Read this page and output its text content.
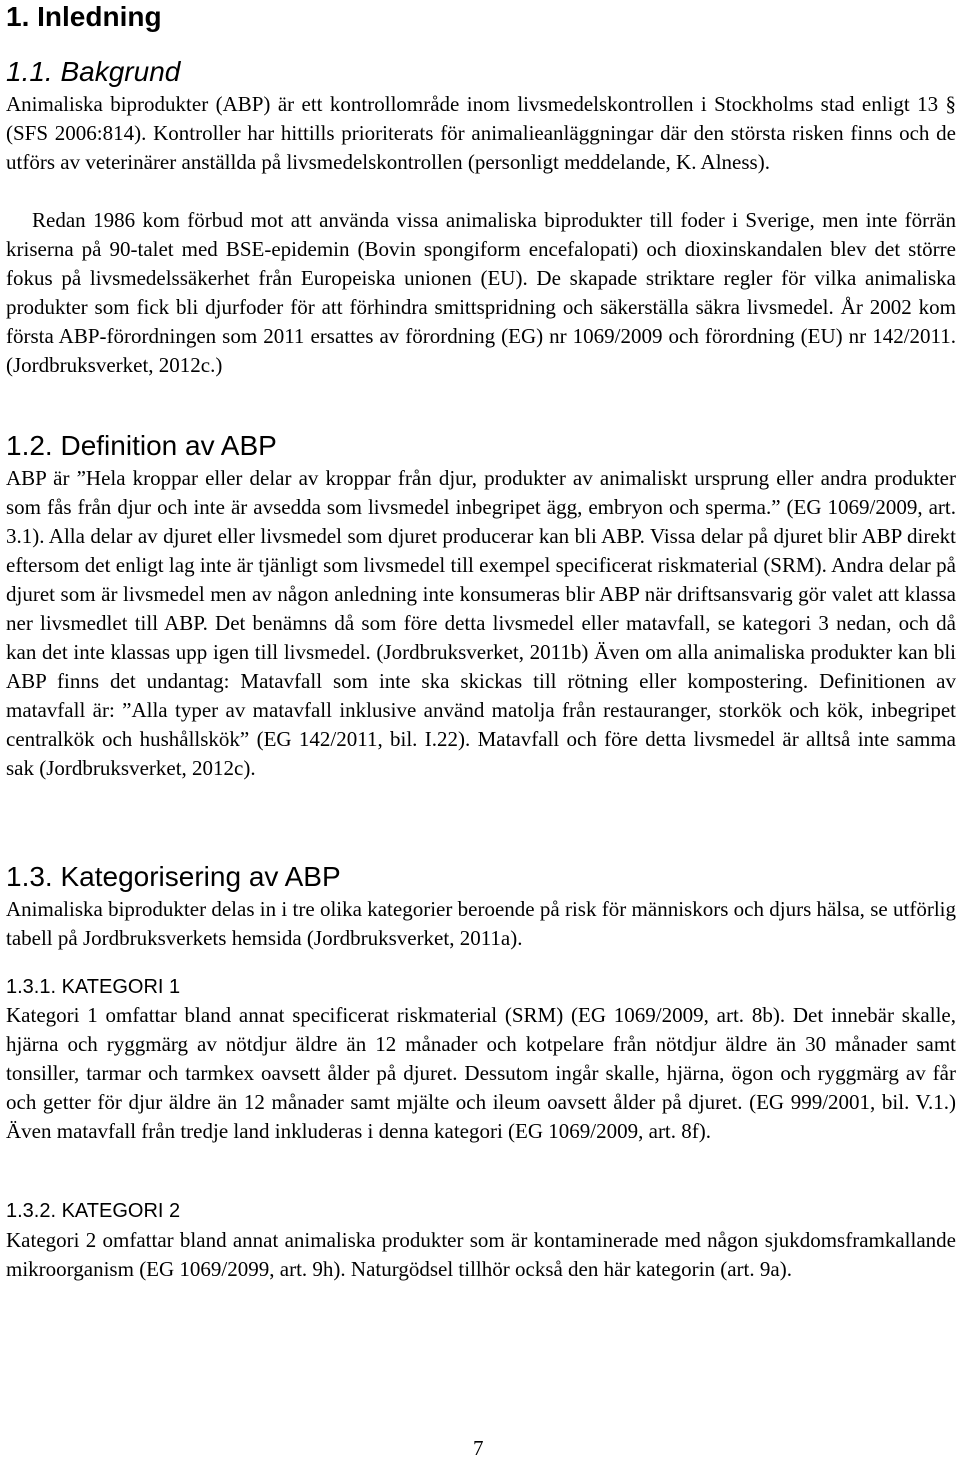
1. Inledning
1.1. Bakgrund

Animaliska biprodukter (ABP) är ett kontrollområde inom livsmedelskontrollen i Stockholms stad enligt 13 § (SFS 2006:814). Kontroller har hittills prioriterats för animalieanläggningar där den största risken finns och de utförs av veterinärer anställda på livsmedelskontrollen (personligt meddelande, K. Alness).

Redan 1986 kom förbud mot att använda vissa animaliska biprodukter till foder i Sverige, men inte förrän kriserna på 90-talet med BSE-epidemin (Bovin spongiform encefalopati) och dioxinskandalen blev det större fokus på livsmedelssäkerhet från Europeiska unionen (EU). De skapade striktare regler för vilka animaliska produkter som fick bli djurfoder för att förhindra smittspridning och säkerställa säkra livsmedel. År 2002 kom första ABP-förordningen som 2011 ersattes av förordning (EG) nr 1069/2009 och förordning (EU) nr 142/2011. (Jordbruksverket, 2012c.)

1.2. Definition av ABP

ABP är ”Hela kroppar eller delar av kroppar från djur, produkter av animaliskt ursprung eller andra produkter som fås från djur och inte är avsedda som livsmedel inbegripet ägg, embryon och sperma.” (EG 1069/2009, art. 3.1). Alla delar av djuret eller livsmedel som djuret producerar kan bli ABP. Vissa delar på djuret blir ABP direkt eftersom det enligt lag inte är tjänligt som livsmedel till exempel specificerat riskmaterial (SRM). Andra delar på djuret som är livsmedel men av någon anledning inte konsumeras blir ABP när driftsansvarig gör valet att klassa ner livsmedlet till ABP. Det benämns då som före detta livsmedel eller matavfall, se kategori 3 nedan, och då kan det inte klassas upp igen till livsmedel. (Jordbruksverket, 2011b) Även om alla animaliska produkter kan bli ABP finns det undantag: Matavfall som inte ska skickas till rötning eller kompostering. Definitionen av matavfall är: ”Alla typer av matavfall inklusive använd matolja från restauranger, storkök och kök, inbegripet centralkök och hushållskök” (EG 142/2011, bil. I.22). Matavfall och före detta livsmedel är alltså inte samma sak (Jordbruksverket, 2012c).

1.3. Kategorisering av ABP

Animaliska biprodukter delas in i tre olika kategorier beroende på risk för människors och djurs hälsa, se utförlig tabell på Jordbruksverkets hemsida (Jordbruksverket, 2011a).

1.3.1. KATEGORI 1

Kategori 1 omfattar bland annat specificerat riskmaterial (SRM) (EG 1069/2009, art. 8b). Det innebär skalle, hjärna och ryggmärg av nötdjur äldre än 12 månader och kotpelare från nötdjur äldre än 30 månader samt tonsiller, tarmar och tarmkex oavsett ålder på djuret. Dessutom ingår skalle, hjärna, ögon och ryggmärg av får och getter för djur äldre än 12 månader samt mjälte och ileum oavsett ålder på djuret. (EG 999/2001, bil. V.1.) Även matavfall från tredje land inkluderas i denna kategori (EG 1069/2009, art. 8f).

1.3.2. KATEGORI 2

Kategori 2 omfattar bland annat animaliska produkter som är kontaminerade med någon sjukdomsframkallande mikroorganism (EG 1069/2099, art. 9h). Naturgödsel tillhör också den här kategorin (art. 9a).

7
